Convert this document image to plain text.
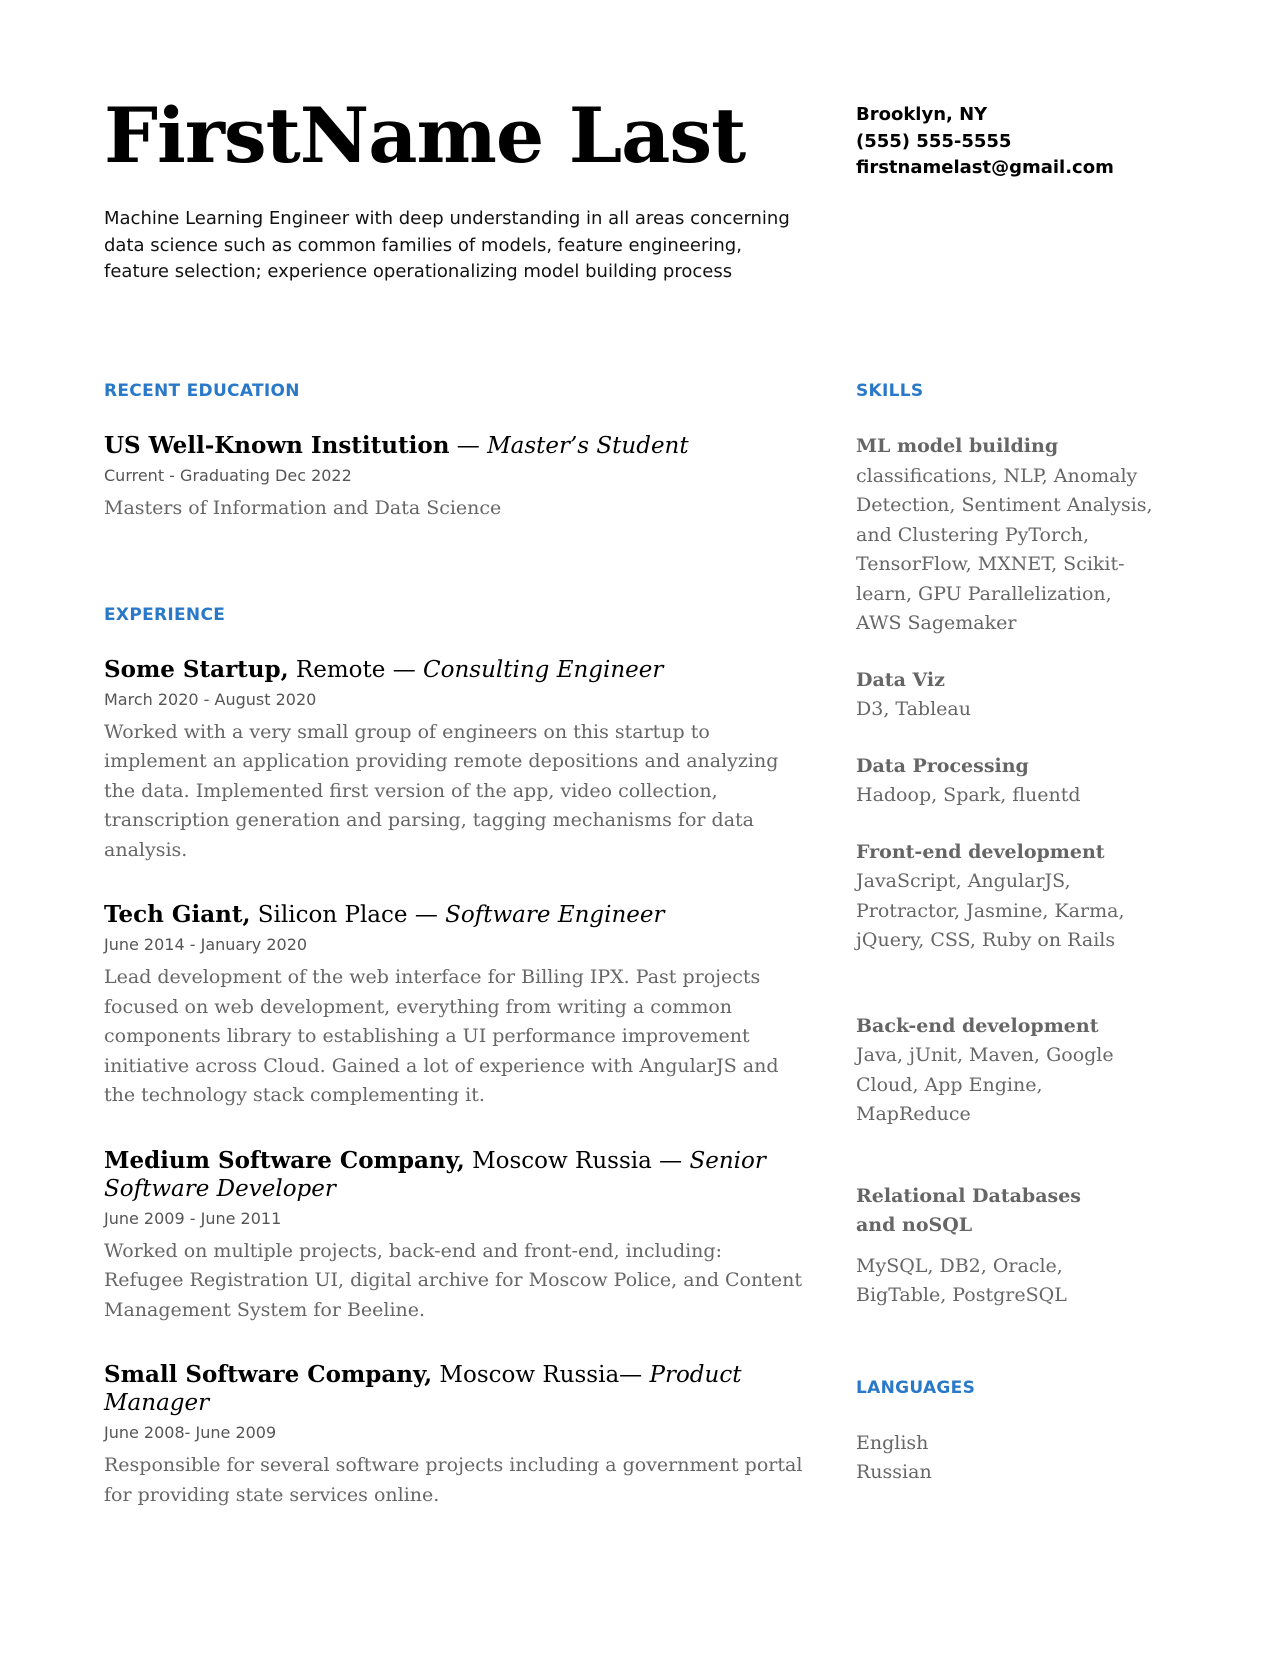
FirstName Last

Machine Learning Engineer with deep understanding in all areas concerning data science such as common families of models, feature engineering, feature selection; experience operationalizing model building process

Brooklyn, NY
(555) 555-5555
firstnamelast@gmail.com
RECENT EDUCATION

US Well-Known Institution — Master’s Student

Current - Graduating Dec 2022

Masters of Information and Data Science

EXPERIENCE

Some Startup, Remote — Consulting Engineer

March 2020 - August 2020

Worked with a very small group of engineers on this startup to implement an application providing remote depositions and analyzing the data. Implemented first version of the app, video collection, transcription generation and parsing, tagging mechanisms for data analysis.

Tech Giant, Silicon Place — Software Engineer

June 2014 - January 2020

Lead development of the web interface for Billing IPX. Past projects focused on web development, everything from writing a common components library to establishing a UI performance improvement initiative across Cloud. Gained a lot of experience with AngularJS and the technology stack complementing it.

Medium Software Company, Moscow Russia — Senior Software Developer

June 2009 - June 2011

Worked on multiple projects, back-end and front-end, including: Refugee Registration UI, digital archive for Moscow Police, and Content Management System for Beeline.

Small Software Company, Moscow Russia— Product Manager

June 2008- June 2009

Responsible for several software projects including a government portal for providing state services online.

SKILLS

ML model building

classifications, NLP, Anomaly Detection, Sentiment Analysis, and Clustering PyTorch, TensorFlow, MXNET, Scikit-learn, GPU Parallelization, AWS Sagemaker

Data Viz

D3, Tableau

Data Processing

Hadoop, Spark, fluentd

Front-end development

JavaScript, AngularJS, Protractor, Jasmine, Karma, jQuery, CSS, Ruby on Rails

Back-end development

Java, jUnit, Maven, Google Cloud, App Engine, MapReduce

Relational Databases and noSQL

MySQL, DB2, Oracle, BigTable, PostgreSQL

LANGUAGES

English

Russian
